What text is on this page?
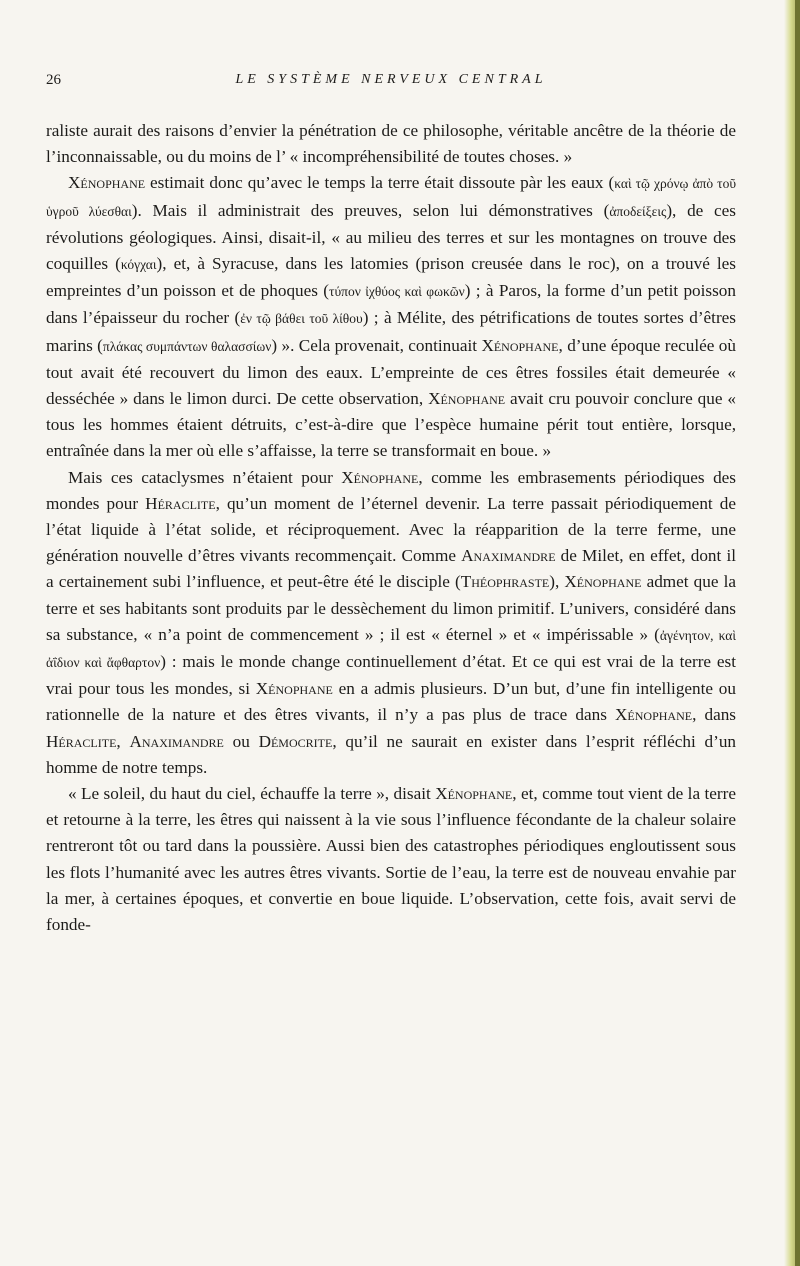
26	LE SYSTÈME NERVEUX CENTRAL

raliste aurait des raisons d’envier la pénétration de ce philosophe, véritable ancêtre de la théorie de l’inconnaissable, ou du moins de l’ « incompréhensibilité de toutes choses. »

Xénophane estimait donc qu’avec le temps la terre était dissoute pàr les eaux (καὶ τῷ χρόνῳ ἀπὸ τοῦ ὑγροῦ λύεσθαι). Mais il administrait des preuves, selon lui démonstratives (ἀποδείξεις), de ces révolutions géologiques. Ainsi, disait-il, « au milieu des terres et sur les montagnes on trouve des coquilles (κόγχαι), et, à Syracuse, dans les latomies (prison creusée dans le roc), on a trouvé les empreintes d’un poisson et de phoques (τύπον ἰχθύος καὶ φωκῶν) ; à Paros, la forme d’un petit poisson dans l’épaisseur du rocher (ἐν τῷ βάθει τοῦ λίθου) ; à Mélite, des pétrifications de toutes sortes d’êtres marins (πλάκας συμπάντων θαλασσίων) ». Cela provenait, continuait Xénophane, d’une époque reculée où tout avait été recouvert du limon des eaux. L’empreinte de ces êtres fossiles était demeurée « desséchée » dans le limon durci. De cette observation, Xénophane avait cru pouvoir conclure que « tous les hommes étaient détruits, c’est-à-dire que l’espèce humaine périt tout entière, lorsque, entraînée dans la mer où elle s’affaisse, la terre se transformait en boue. »

Mais ces cataclysmes n’étaient pour Xénophane, comme les embrasements périodiques des mondes pour Héraclite, qu’un moment de l’éternel devenir. La terre passait périodiquement de l’état liquide à l’état solide, et réciproquement. Avec la réapparition de la terre ferme, une génération nouvelle d’êtres vivants recommençait. Comme Anaximandre de Milet, en effet, dont il a certainement subi l’influence, et peut-être été le disciple (Théophraste), Xénophane admet que la terre et ses habitants sont produits par le dessèchement du limon primitif. L’univers, considéré dans sa substance, « n’a point de commencement » ; il est « éternel » et « impérissable » (ἀγένητον, καὶ ἀΐδιον καὶ ἄφθαρτον) : mais le monde change continuellement d’état. Et ce qui est vrai de la terre est vrai pour tous les mondes, si Xénophane en a admis plusieurs. D’un but, d’une fin intelligente ou rationnelle de la nature et des êtres vivants, il n’y a pas plus de trace dans Xénophane, dans Héraclite, Anaximandre ou Démocrite, qu’il ne saurait en exister dans l’esprit réfléchi d’un homme de notre temps.

« Le soleil, du haut du ciel, échauffe la terre », disait Xénophane, et, comme tout vient de la terre et retourne à la terre, les êtres qui naissent à la vie sous l’influence fécondante de la chaleur solaire rentreront tôt ou tard dans la poussière. Aussi bien des catastrophes périodiques engloutissent sous les flots l’humanité avec les autres êtres vivants. Sortie de l’eau, la terre est de nouveau envahie par la mer, à certaines époques, et convertie en boue liquide. L’observation, cette fois, avait servi de fonde-
